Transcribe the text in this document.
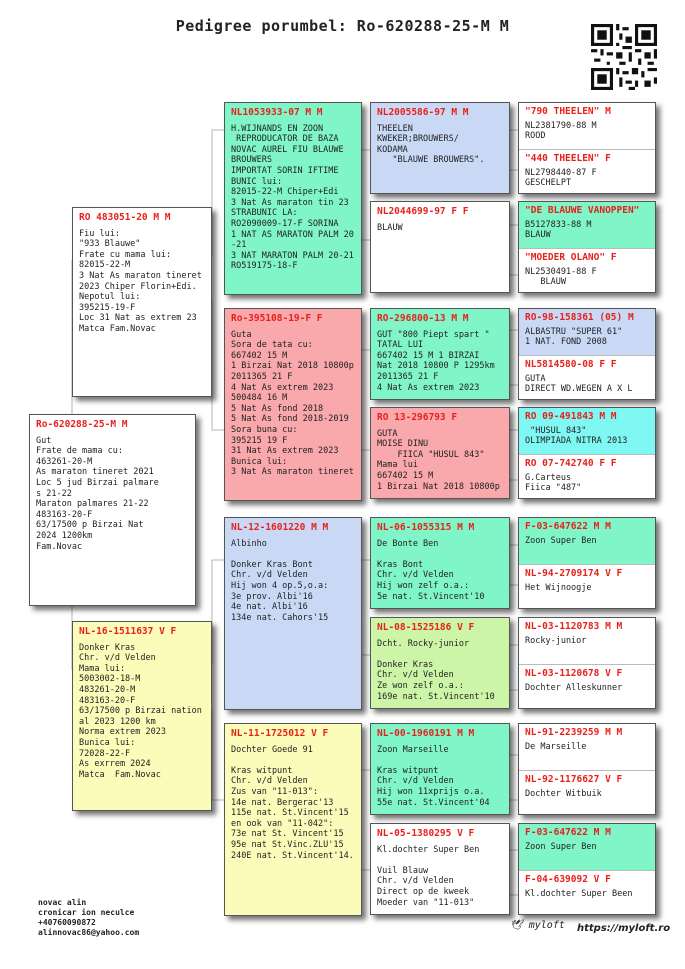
Pedigree porumbel: Ro-620288-25-M M
Ro-620288-25-M M
Gut
Frate de mama cu:
463261-20-M
As maraton tineret 2021
Loc 5 jud Birzai palmare
s 21-22
Maraton palmares 21-22
483163-20-F
63/17500 p Birzai Nat
2024 1200km
Fam.Novac
RO 483051-20 M M
Fiu lui:
"933 Blauwe"
Frate cu mama lui:
82015-22-M
3 Nat As maraton tineret
2023 Chiper Florin+Edi.
Nepotul lui:
395215-19-F
Loc 31 Nat as extrem 23
Matca Fam.Novac
NL-16-1511637 V F
Donker Kras
Chr. v/d Velden
Mama lui:
5003002-18-M
483261-20-M
483163-20-F
63/17500 p Birzai nation
al 2023 1200 km
Norma extrem 2023
Bunica lui:
72028-22-F
As exrrem 2024
Matca  Fam.Novac
NL1053933-07 M M
H.WIJNANDS EN ZOON
REPRODUCATOR DE BAZA
NOVAC AUREL FIU BLAUWE
BROUWERS
IMPORTAT SORIN IFTIME
BUNIC lui:
82015-22-M Chiper+Edi
3 Nat As maraton tin 23
STRABUNIC LA:
RO2090009-17-F SORINA
1 NAT AS MARATON PALM 20
-21
3 NAT MARATON PALM 20-21
RO519175-18-F
Ro-395108-19-F F
Guta
Sora de tata cu:
667402 15 M
1 Birzai Nat 2018 10800p
2011365 21 F
4 Nat As extrem 2023
500484 16 M
5 Nat As fond 2018
5 Nat As fond 2018-2019
Sora buna cu:
395215 19 F
31 Nat As extrem 2023
Bunica lui:
3 Nat As maraton tineret
NL-12-1601220 M M
Albinho

Donker Kras Bont
Chr. v/d Velden
Hij won 4 op.5,o.a:
3e prov. Albi'16
4e nat. Albi'16
134e nat. Cahors'15
NL-11-1725012 V F
Dochter Goede 91

Kras witpunt
Chr. v/d Velden
Zus van "11-013":
14e nat. Bergerac'13
115e nat. St.Vincent'15
en ook van "11-042":
73e nat St. Vincent'15
95e nat St.Vinc.ZLU'15
240E nat. St.Vincent'14.
NL2005586-97 M M
THEELEN
KWEKER;BROUWERS/
KODAMA
"BLAUWE BROUWERS".
NL2044699-97 F F
BLAUW
RO-296800-13 M M
GUT "800 Piept spart "
TATAL LUI
667402 15 M 1 BIRZAI
Nat 2018 10800 P 1295km
2011365 21 F
4 Nat As extrem 2023
RO 13-296793 F
GUTA
MOISE DINU
FIICA "HUSUL 843"
Mama lui
667402 15 M
1 Birzai Nat 2018 10800p
NL-06-1055315 M M
De Bonte Ben

Kras Bont
Chr. v/d Velden
Hij won zelf o.a.:
5e nat. St.Vincent'10
NL-08-1525186 V F
Dcht. Rocky-junior

Donker Kras
Chr. v/d Velden
Ze won zelf o.a.:
169e nat. St.Vincent'10
NL-00-1960191 M M
Zoon Marseille

Kras witpunt
Chr. v/d Velden
Hij won 11xprijs o.a.
55e nat. St.Vincent'04
NL-05-1380295 V F
Kl.dochter Super Ben

Vuil Blauw
Chr. v/d Velden
Direct op de kweek
Moeder van "11-013"
"790 THEELEN" M
NL2381790-88 M
ROOD
"440 THEELEN" F
NL2798440-87 F
GESCHELPT
"DE BLAUWE VANOPPEN"
B5127833-88 M
BLAUW
"MOEDER OLANO" F
NL2530491-88 F
BLAUW
RO-98-158361 (05) M
ALBASTRU "SUPER 61"
1 NAT. FOND 2008
NL5814580-08 F F
GUTA
DIRECT WD.WEGEN A X L
RO 09-491843 M M
"HUSUL 843"
OLIMPIADA NITRA 2013
RO 07-742740 F F
G.Carteus
Fiica "487"
F-03-647622 M M
Zoon Super Ben
NL-94-2709174 V F
Het Wijnoogje
NL-03-1120783 M M
Rocky-junior
NL-03-1120678 V F
Dochter Alleskunner
NL-91-2239259 M M
De Marseille
NL-92-1176627 V F
Dochter Witbuik
F-03-647622 M M
Zoon Super Ben
F-04-639092 V F
Kl.dochter Super Been
novac alin
cronicar ion neculce
+40760090872
alinnovac86@yahoo.com
🕊 myloft https://myloft.ro
